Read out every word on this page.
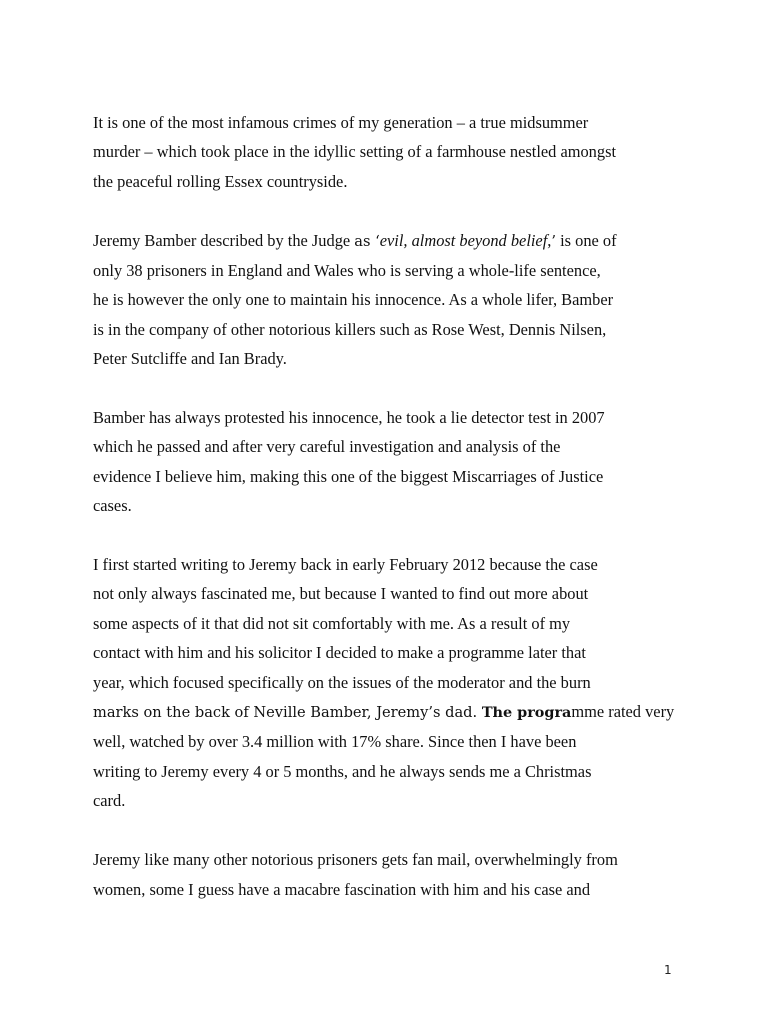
It is one of the most infamous crimes of my generation – a true midsummer
murder – which took place in the idyllic setting of a farmhouse nestled amongst
the peaceful rolling Essex countryside.

Jeremy Bamber described by the Judge as ‘evil, almost beyond belief,’ is one of
only 38 prisoners in England and Wales who is serving a whole-life sentence,
he is however the only one to maintain his innocence. As a whole lifer, Bamber
is in the company of other notorious killers such as Rose West, Dennis Nilsen,
Peter Sutcliffe and Ian Brady.

Bamber has always protested his innocence, he took a lie detector test in 2007
which he passed and after very careful investigation and analysis of the
evidence I believe him, making this one of the biggest Miscarriages of Justice
cases.

I first started writing to Jeremy back in early February 2012 because the case
not only always fascinated me, but because I wanted to find out more about
some aspects of it that did not sit comfortably with me. As a result of my
contact with him and his solicitor I decided to make a programme later that
year, which focused specifically on the issues of the moderator and the burn
marks on the back of Neville Bamber, Jeremy’s dad. The programme rated very
well, watched by over 3.4 million with 17% share. Since then I have been
writing to Jeremy every 4 or 5 months, and he always sends me a Christmas
card.

Jeremy like many other notorious prisoners gets fan mail, overwhelmingly from
women, some I guess have a macabre fascination with him and his case and

1
